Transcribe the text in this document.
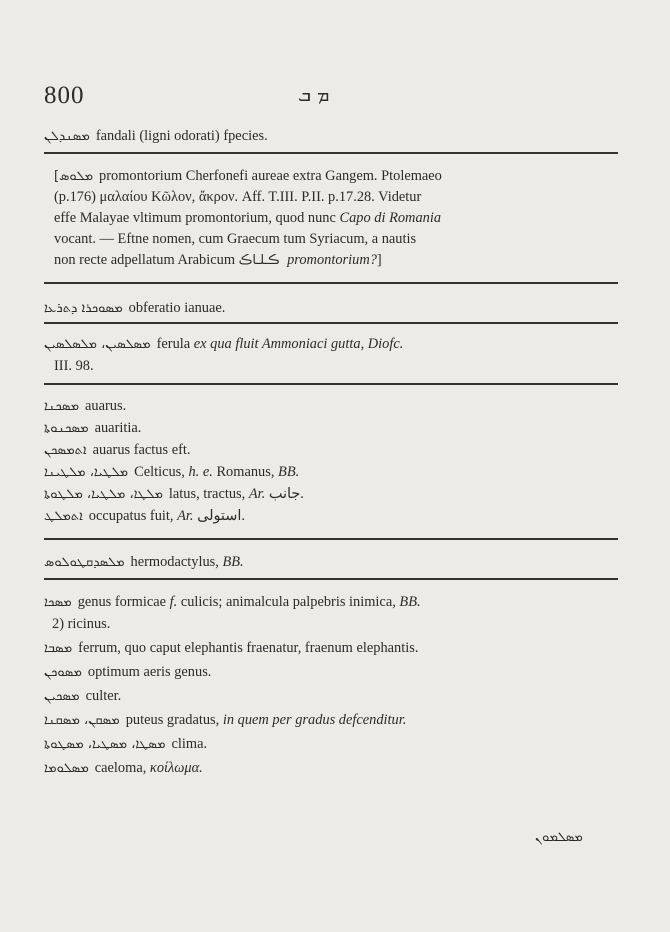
800	ܡ ܒ
ܡܣܢܕܠܢ fandali (ligni odorati) fpecies.
[ܡܠܘܣ promontorium Cherfonefi aureae extra Gangem. Ptolemaeo
(p.176) μαλαίου Κῶλον, ἄκρον. Aff. T.III. P.II. p.17.28. Videtur
effe Malayae vltimum promontorium, quod nunc Capo di Romania
vocant. — Eftne nomen, cum Graecum tum Syriacum, a nautis
non recte adpellatum Arabicum ڪـلـاڪ promontorium?]
ܡܣܘܟܪܐ ܕܬܪܥܐ obferatio ianuae.
ܡܣܠܣܝܢ، ܡܠܣܠܣܝܢ ferula ex qua fluit Ammoniaci gutta, Diofc.
III. 98.
ܡܣܟܢܐ auarus.
ܡܣܟܢܘܬܐ auaritia.
ܐܬܡܣܟܢ auarus factus eft.
ܡܠܛܝܐ، ܡܠܛܝܢܐ Celticus, h. e. Romanus, BB.
ܡܠܛܐ، ܡܠܛܝܐ، ܡܠܛܘܬܐ latus, tractus, Ar. ﺟﺎﻧﺐ.
ܐܬܡܠܛ occupatus fuit, Ar. ﺍﺳﺘﻮﻟﻰ.
ܡܠܣܕܩܛܘܠܘܣ hermodactylus, BB.
ܡܣܟܐ genus formicae f. culicis; animalcula palpebris inimica, BB.
2) ricinus.
ܡܣܒܐ ferrum, quo caput elephantis fraenatur, fraenum elephantis.
ܡܣܘܟܢ optimum aeris genus.
ܡܣܟܝܢ culter.
ܡܣܩܢ، ܡܣܩܢܐ puteus gradatus, in quem per gradus defcenditur.
ܡܣܛܐ، ܡܣܛܝܐ، ܡܣܛܘܬܐ clima.
ܡܣܠܘܡܐ caeloma, κοίλωμα.
ܡܣܠܡܘܢ
